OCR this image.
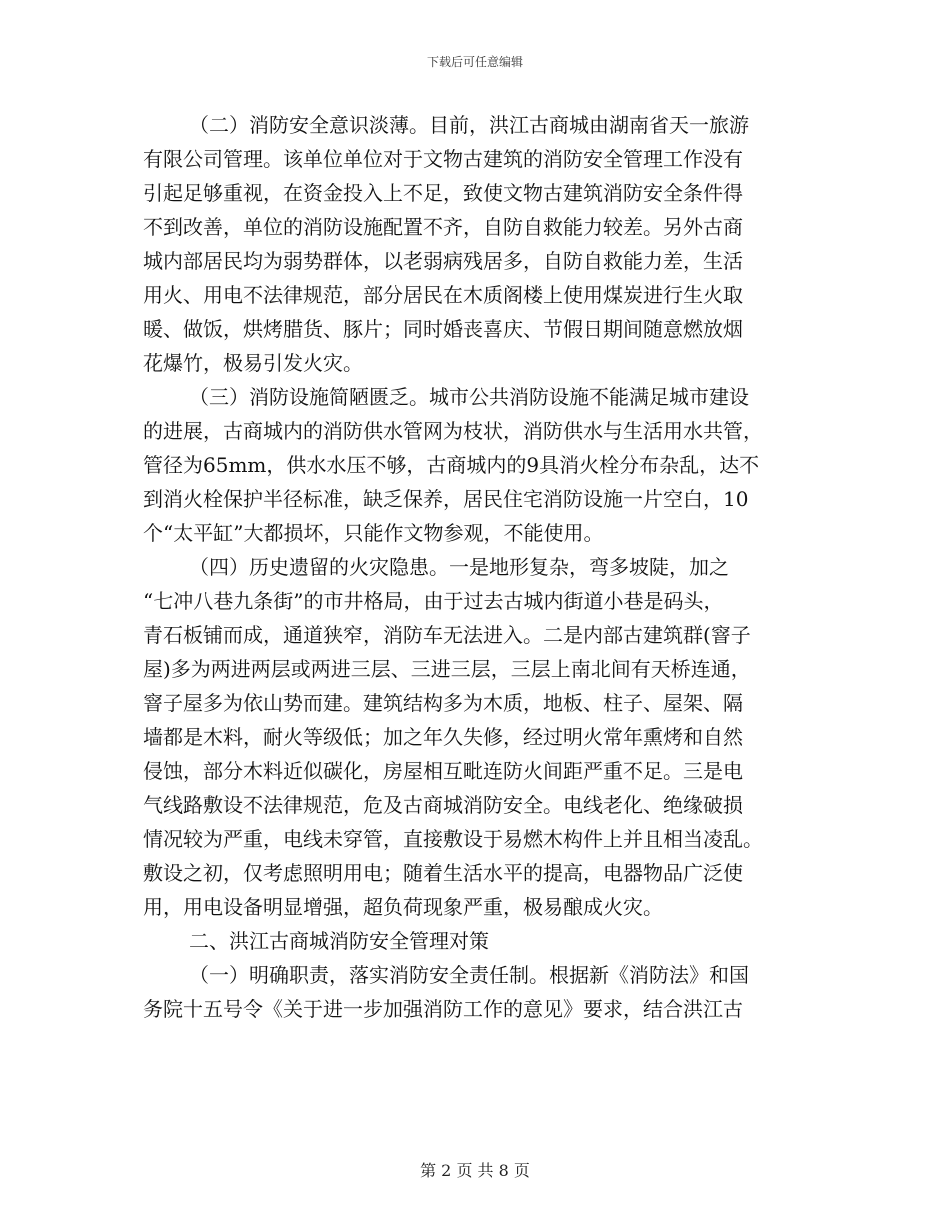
下载后可任意编辑
（二）消防安全意识淡薄。目前，洪江古商城由湖南省天一旅游
有限公司管理。该单位单位对于文物古建筑的消防安全管理工作没有
引起足够重视，在资金投入上不足，致使文物古建筑消防安全条件得
不到改善，单位的消防设施配置不齐，自防自救能力较差。另外古商
城内部居民均为弱势群体，以老弱病残居多，自防自救能力差，生活
用火、用电不法律规范，部分居民在木质阁楼上使用煤炭进行生火取
暖、做饭，烘烤腊货、豚片；同时婚丧喜庆、节假日期间随意燃放烟
花爆竹，极易引发火灾。
（三）消防设施简陋匮乏。城市公共消防设施不能满足城市建设
的进展，古商城内的消防供水管网为枝状，消防供水与生活用水共管，
管径为65mm，供水水压不够，古商城内的9具消火栓分布杂乱，达不
到消火栓保护半径标准，缺乏保养，居民住宅消防设施一片空白，10
个“太平缸”大都损坏，只能作文物参观，不能使用。
（四）历史遗留的火灾隐患。一是地形复杂，弯多坡陡，加之
“七冲八巷九条街”的市井格局，由于过去古城内街道小巷是码头，
青石板铺而成，通道狭窄，消防车无法进入。二是内部古建筑群(窨子
屋)多为两进两层或两进三层、三进三层，三层上南北间有天桥连通，
窨子屋多为依山势而建。建筑结构多为木质，地板、柱子、屋架、隔
墙都是木料，耐火等级低；加之年久失修，经过明火常年熏烤和自然
侵蚀，部分木料近似碳化，房屋相互毗连防火间距严重不足。三是电
气线路敷设不法律规范，危及古商城消防安全。电线老化、绝缘破损
情况较为严重，电线未穿管，直接敷设于易燃木构件上并且相当凌乱。
敷设之初，仅考虑照明用电；随着生活水平的提高，电器物品广泛使
用，用电设备明显增强，超负荷现象严重，极易酿成火灾。
二、洪江古商城消防安全管理对策
（一）明确职责，落实消防安全责任制。根据新《消防法》和国
务院十五号令《关于进一步加强消防工作的意见》要求，结合洪江古
第 2 页 共 8 页
